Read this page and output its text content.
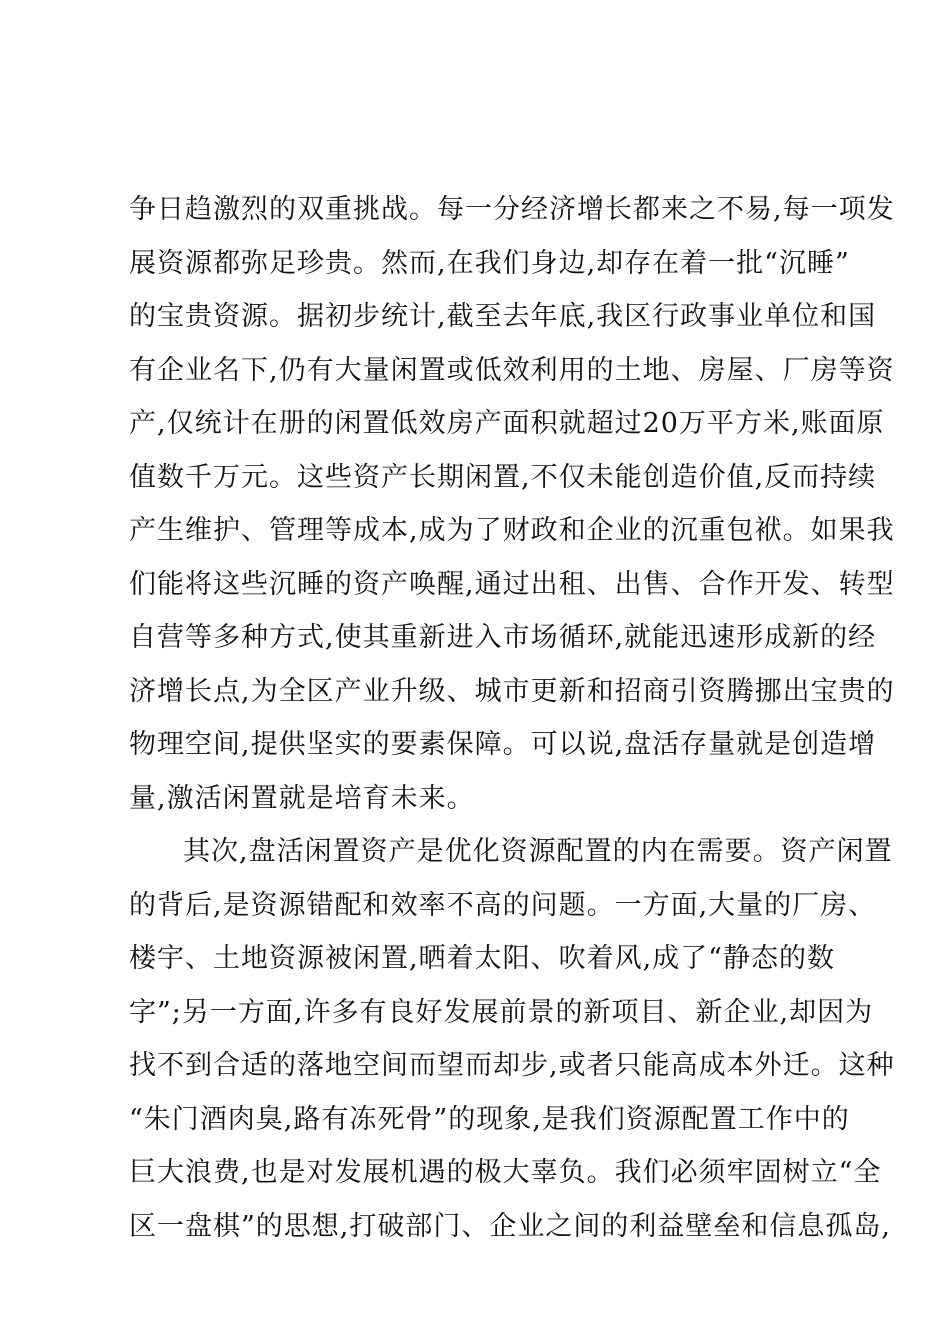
争日趋激烈的双重挑战。每一分经济增长都来之不易,每一项发
展资源都弥足珍贵。然而,在我们身边,却存在着一批“沉睡”
的宝贵资源。据初步统计,截至去年底,我区行政事业单位和国
有企业名下,仍有大量闲置或低效利用的土地、房屋、厂房等资
产,仅统计在册的闲置低效房产面积就超过20万平方米,账面原
值数千万元。这些资产长期闲置,不仅未能创造价值,反而持续
产生维护、管理等成本,成为了财政和企业的沉重包袱。如果我
们能将这些沉睡的资产唤醒,通过出租、出售、合作开发、转型
自营等多种方式,使其重新进入市场循环,就能迅速形成新的经
济增长点,为全区产业升级、城市更新和招商引资腾挪出宝贵的
物理空间,提供坚实的要素保障。可以说,盘活存量就是创造增
量,激活闲置就是培育未来。
其次,盘活闲置资产是优化资源配置的内在需要。资产闲置
的背后,是资源错配和效率不高的问题。一方面,大量的厂房、
楼宇、土地资源被闲置,晒着太阳、吹着风,成了“静态的数
字”;另一方面,许多有良好发展前景的新项目、新企业,却因为
找不到合适的落地空间而望而却步,或者只能高成本外迁。这种
“朱门酒肉臭,路有冻死骨”的现象,是我们资源配置工作中的
巨大浪费,也是对发展机遇的极大辜负。我们必须牢固树立“全
区一盘棋”的思想,打破部门、企业之间的利益壁垒和信息孤岛,
